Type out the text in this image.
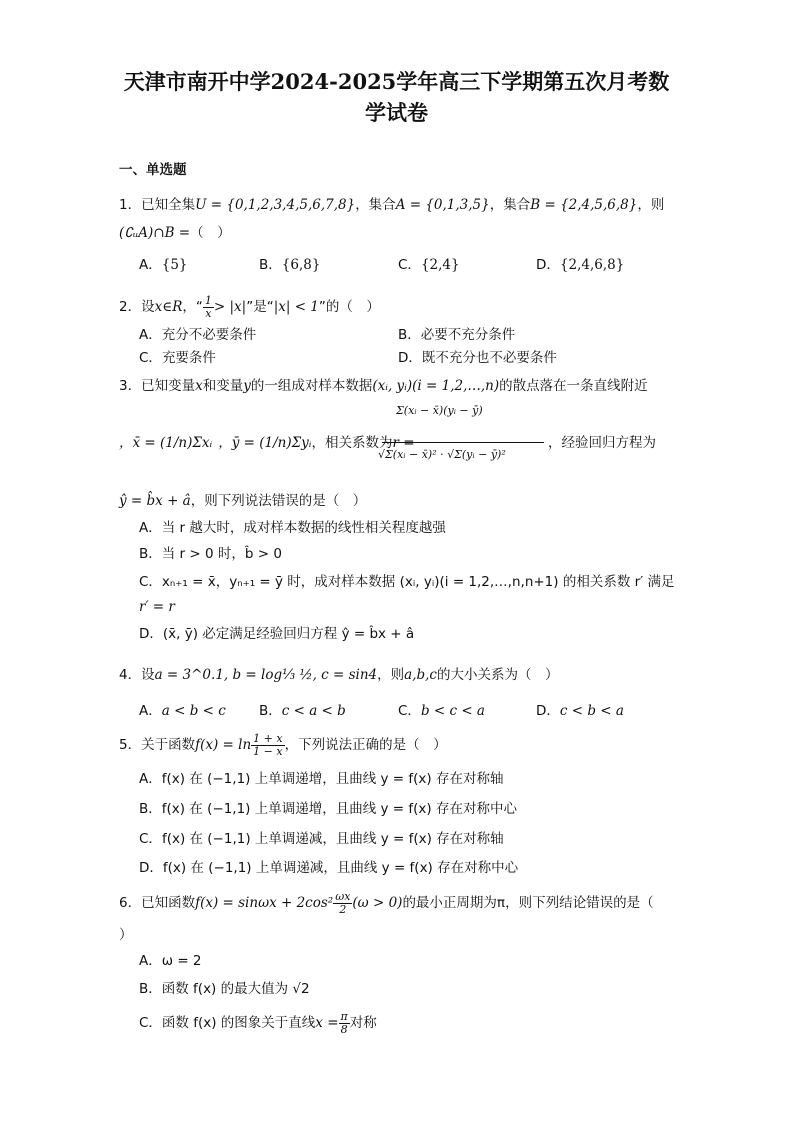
天津市南开中学2024-2025学年高三下学期第五次月考数
学试卷
一、单选题
1．已知全集U = {0,1,2,3,4,5,6,7,8}，集合A = {0,1,3,5}，集合B = {2,4,5,6,8}，则
(∁ᵤA)∩B =（　）
A．{5}	B．{6,8}	C．{2,4}	D．{2,4,6,8}
2．设x∈R，“ $\frac{1}{x} > |x|$”是“|x| < 1”的（　）
A．充分不必要条件	B．必要不充分条件
C．充要条件	D．既不充分也不必要条件
3．已知变量x和变量y的一组成对样本数据(xᵢ, yᵢ)(i = 1,2,…,n)的散点落在一条直线附近
，x̄ = (1/n)Σxᵢ ，ȳ = (1/n)Σyᵢ，相关系数为r =
Σ(xᵢ − x̄)(yᵢ − ȳ)
√Σ(xᵢ − x̄)² · √Σ(yᵢ − ȳ)²
，经验回归方程为
ŷ = b̂x + â，则下列说法错误的是（　）
A．当 r 越大时，成对样本数据的线性相关程度越强
B．当 r > 0 时，b̂ > 0
C．xₙ₊₁ = x̄，yₙ₊₁ = ȳ 时，成对样本数据 (xᵢ, yᵢ)(i = 1,2,…,n,n+1) 的相关系数 r′ 满足
r′ = r
D．(x̄, ȳ) 必定满足经验回归方程 ŷ = b̂x + â
4．设a = 3^0.1, b = log⅓ ½, c = sin4，则a,b,c的大小关系为（　）
A．a < b < c B．c < a < b	C．b < c < a	D．c < b < a
5．关于函数$f(x) = \ln \frac{1 + x}{1 - x}$ ，下列说法正确的是（　）
A．f(x) 在 (−1,1) 上单调递增，且曲线 y = f(x) 存在对称轴
B．f(x) 在 (−1,1) 上单调递增，且曲线 y = f(x) 存在对称中心
C．f(x) 在 (−1,1) 上单调递减，且曲线 y = f(x) 存在对称轴
D．f(x) 在 (−1,1) 上单调递减，且曲线 y = f(x) 存在对称中心
6．已知函数$f(x) = \sin\omega x + 2\cos^2 \frac{\omega x}{2} (\omega > 0)$的最小正周期为π，则下列结论错误的是（
）
A．ω = 2
B．函数 f(x) 的最大值为 √2
C．函数 f(x) 的图象关于直线$x = \frac{\pi}{8}$ 对称
